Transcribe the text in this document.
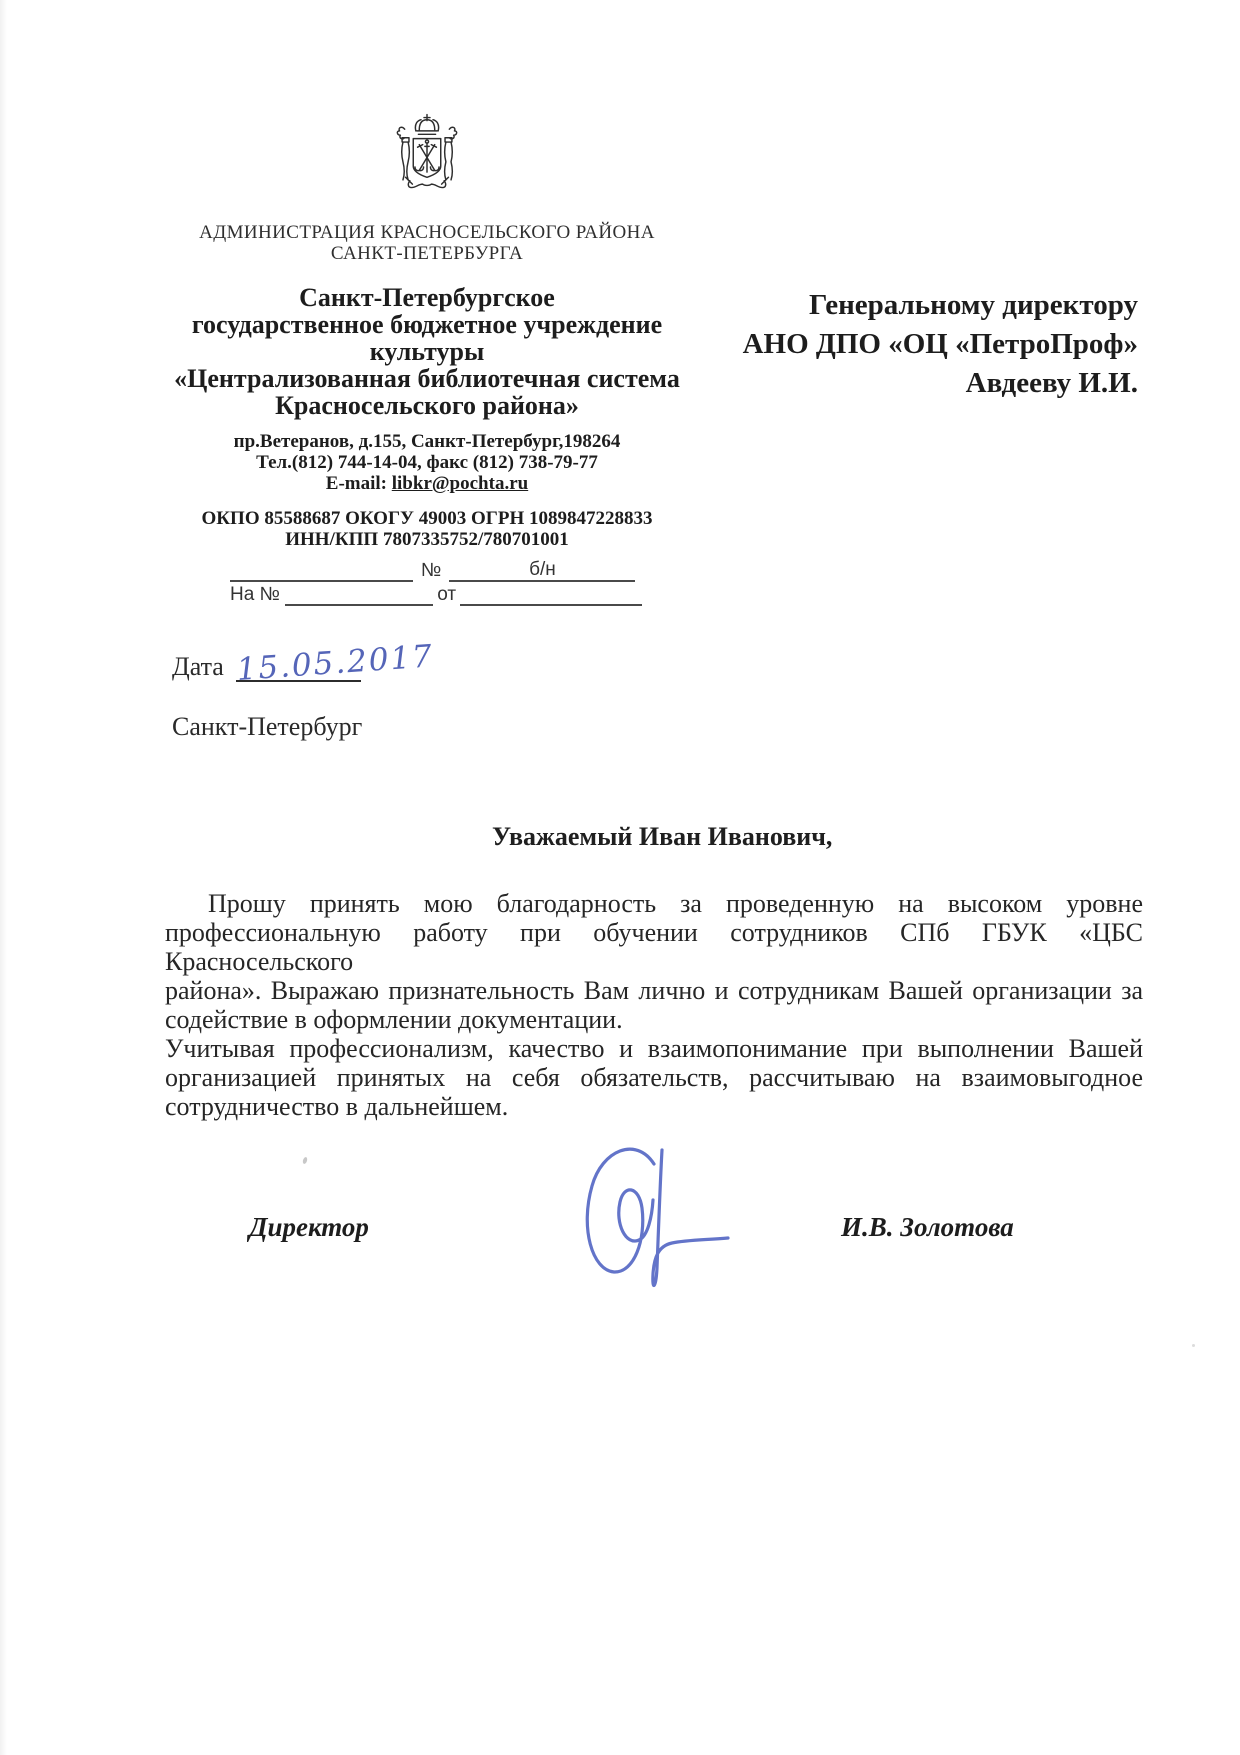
АДМИНИСТРАЦИЯ КРАСНОСЕЛЬСКОГО РАЙОНА
САНКТ-ПЕТЕРБУРГА
Санкт-Петербургское
государственное бюджетное учреждение
культуры
«Централизованная библиотечная система
Красносельского района»
пр.Ветеранов, д.155, Санкт-Петербург,198264
Тел.(812) 744-14-04, факс (812) 738-79-77
E-mail: libkr@pochta.ru
ОКПО 85588687 ОКОГУ 49003 ОГРН 1089847228833
ИНН/КПП 7807335752/780701001
№	б/н
На №	от
Генеральному директору
АНО ДПО «ОЦ «ПетроПроф»
Авдееву И.И.
Дата 15.05.2017
Санкт-Петербург
Уважаемый Иван Иванович,
Прошу принять мою благодарность за проведенную на высоком уровне
профессиональную работу при обучении сотрудников СПб ГБУК «ЦБС Красносельского
района». Выражаю признательность Вам лично и сотрудникам Вашей организации за
содействие в оформлении документации.
Учитывая профессионализм, качество и взаимопонимание при выполнении Вашей
организацией принятых на себя обязательств, рассчитываю на взаимовыгодное
сотрудничество в дальнейшем.
Директор	И.В. Золотова
